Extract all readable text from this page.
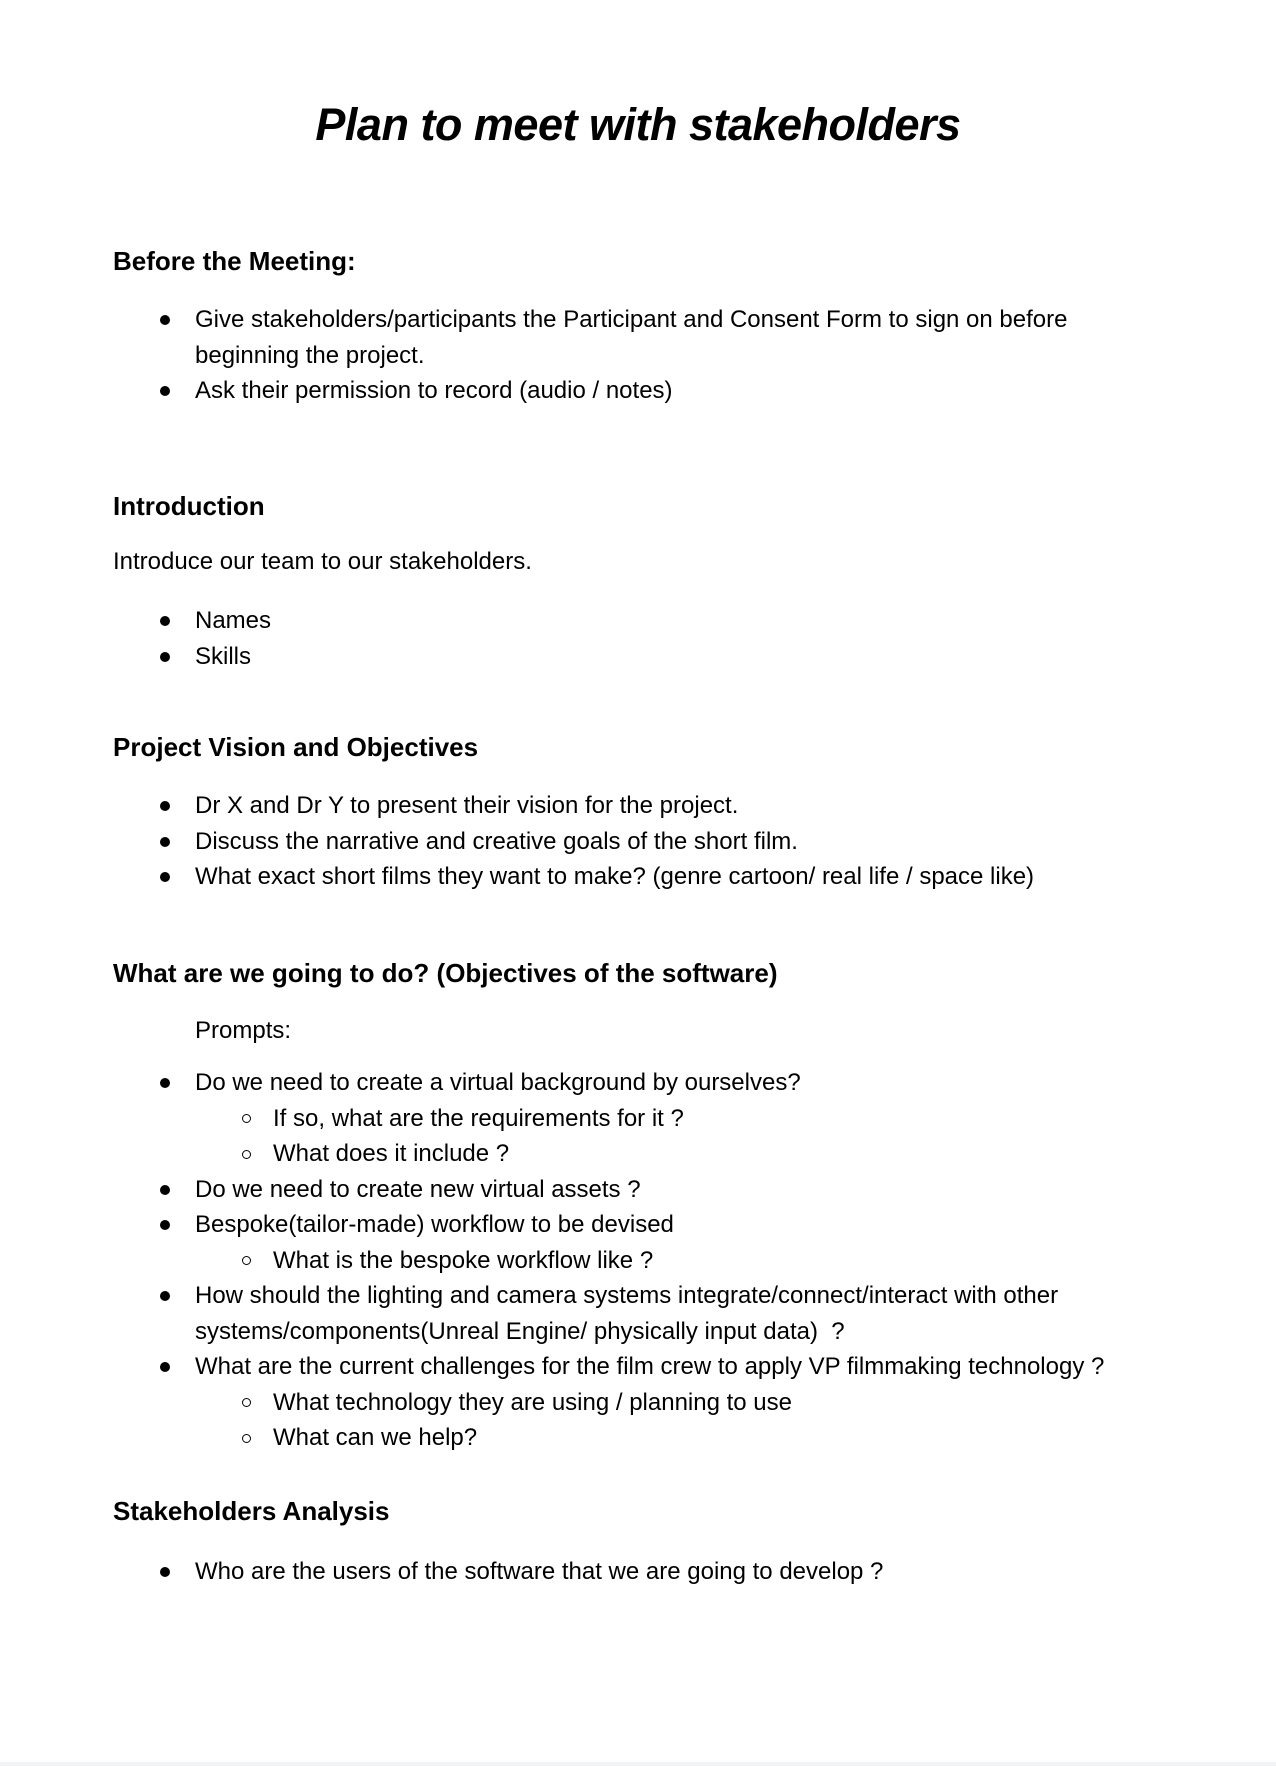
Plan to meet with stakeholders
Before the Meeting:
Give stakeholders/participants the Participant and Consent Form to sign on before beginning the project.
Ask their permission to record (audio / notes)
Introduction

Introduce our team to our stakeholders.

Names
Skills
Project Vision and Objectives
Dr X and Dr Y to present their vision for the project.
Discuss the narrative and creative goals of the short film.
What exact short films they want to make? (genre cartoon/ real life / space like)
What are we going to do? (Objectives of the software)

Prompts:

Do we need to create a virtual background by ourselves?
If so, what are the requirements for it ?
What does it include ?
Do we need to create new virtual assets ?
Bespoke(tailor-made) workflow to be devised
What is the bespoke workflow like ?
How should the lighting and camera systems integrate/connect/interact with other systems/components(Unreal Engine/ physically input data)  ?
What are the current challenges for the film crew to apply VP filmmaking technology ?
What technology they are using / planning to use
What can we help?
Stakeholders Analysis
Who are the users of the software that we are going to develop ?
